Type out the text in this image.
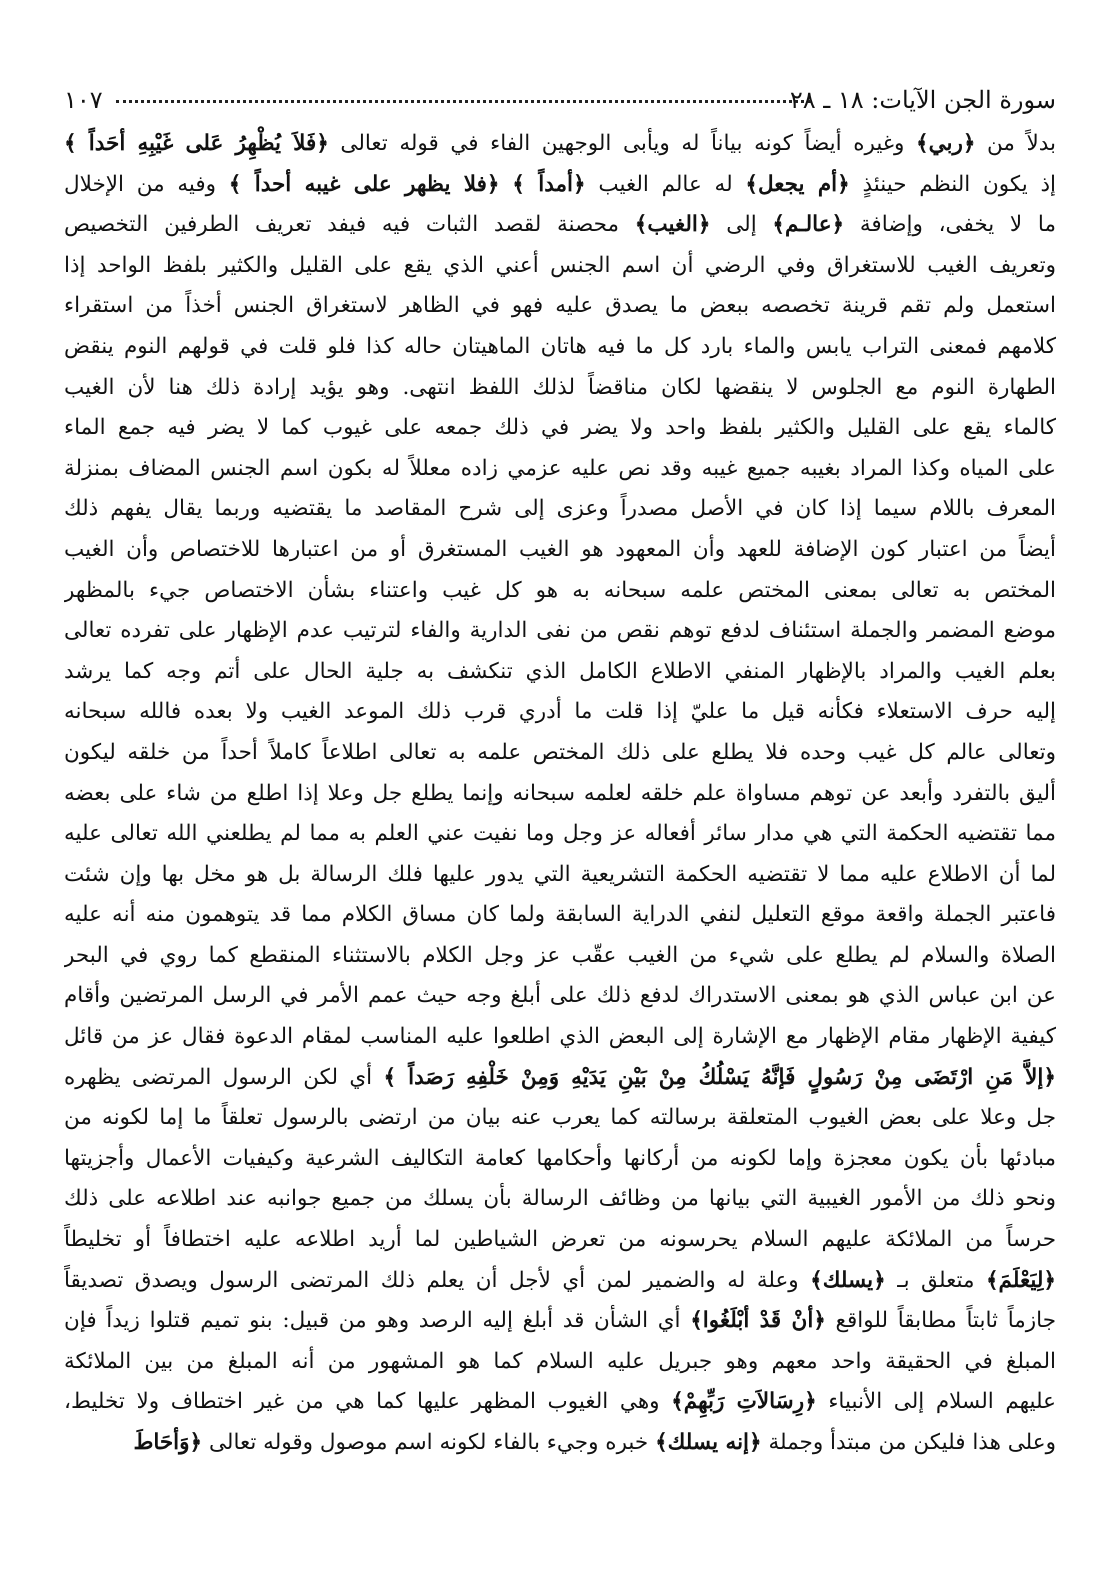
سورة الجن الآيات: ١٨ ـ ٢٨
١٠٧
بدلاً من ﴿ربي﴾ وغيره أيضاً كونه بياناً له ويأبى الوجهين الفاء في قوله تعالى ﴿فَلاَ يُظْهِرُ عَلى غَيْبِهِ أحَداً ﴾
إذ يكون النظم حينئذٍ ﴿أم يجعل﴾ له عالم الغيب ﴿أمداً ﴾ ﴿فلا يظهر على غيبه أحداً ﴾ وفيه من الإخلال
ما لا يخفى، وإضافة ﴿عالـم﴾ إلى ﴿الغيب﴾ محصنة لقصد الثبات فيه فيفد تعريف الطرفين التخصيص
وتعريف الغيب للاستغراق وفي الرضي أن اسم الجنس أعني الذي يقع على القليل والكثير بلفظ الواحد إذا
استعمل ولم تقم قرينة تخصصه ببعض ما يصدق عليه فهو في الظاهر لاستغراق الجنس أخذاً من استقراء
كلامهم فمعنى التراب يابس والماء بارد كل ما فيه هاتان الماهيتان حاله كذا فلو قلت في قولهم النوم ينقض
الطهارة النوم مع الجلوس لا ينقضها لكان مناقضاً لذلك اللفظ انتهى. وهو يؤيد إرادة ذلك هنا لأن الغيب
كالماء يقع على القليل والكثير بلفظ واحد ولا يضر في ذلك جمعه على غيوب كما لا يضر فيه جمع الماء
على المياه وكذا المراد بغيبه جميع غيبه وقد نص عليه عزمي زاده معللاً له بكون اسم الجنس المضاف بمنزلة
المعرف باللام سيما إذا كان في الأصل مصدراً وعزى إلى شرح المقاصد ما يقتضيه وربما يقال يفهم ذلك
أيضاً من اعتبار كون الإضافة للعهد وأن المعهود هو الغيب المستغرق أو من اعتبارها للاختصاص وأن الغيب
المختص به تعالى بمعنى المختص علمه سبحانه به هو كل غيب واعتناء بشأن الاختصاص جيء بالمظهر
موضع المضمر والجملة استئناف لدفع توهم نقص من نفى الدارية والفاء لترتيب عدم الإظهار على تفرده تعالى
بعلم الغيب والمراد بالإظهار المنفي الاطلاع الكامل الذي تنكشف به جلية الحال على أتم وجه كما يرشد
إليه حرف الاستعلاء فكأنه قيل ما عليّ إذا قلت ما أدري قرب ذلك الموعد الغيب ولا بعده فالله سبحانه
وتعالى عالم كل غيب وحده فلا يطلع على ذلك المختص علمه به تعالى اطلاعاً كاملاً أحداً من خلقه ليكون
أليق بالتفرد وأبعد عن توهم مساواة علم خلقه لعلمه سبحانه وإنما يطلع جل وعلا إذا اطلع من شاء على بعضه
مما تقتضيه الحكمة التي هي مدار سائر أفعاله عز وجل وما نفيت عني العلم به مما لم يطلعني الله تعالى عليه
لما أن الاطلاع عليه مما لا تقتضيه الحكمة التشريعية التي يدور عليها فلك الرسالة بل هو مخل بها وإن شئت
فاعتبر الجملة واقعة موقع التعليل لنفي الدراية السابقة ولما كان مساق الكلام مما قد يتوهمون منه أنه عليه
الصلاة والسلام لم يطلع على شيء من الغيب عقّب عز وجل الكلام بالاستثناء المنقطع كما روي في البحر
عن ابن عباس الذي هو بمعنى الاستدراك لدفع ذلك على أبلغ وجه حيث عمم الأمر في الرسل المرتضين وأقام
كيفية الإظهار مقام الإظهار مع الإشارة إلى البعض الذي اطلعوا عليه المناسب لمقام الدعوة فقال عز من قائل
﴿إلاَّ مَنِ ارْتَضَى مِنْ رَسُولٍ فَإنَّهُ يَسْلُكُ مِنْ بَيْنِ يَدَيْهِ وَمِنْ خَلْفِهِ رَصَداً ﴾ أي لكن الرسول المرتضى يظهره
جل وعلا على بعض الغيوب المتعلقة برسالته كما يعرب عنه بيان من ارتضى بالرسول تعلقاً ما إما لكونه من
مبادئها بأن يكون معجزة وإما لكونه من أركانها وأحكامها كعامة التكاليف الشرعية وكيفيات الأعمال وأجزيتها
ونحو ذلك من الأمور الغيبية التي بيانها من وظائف الرسالة بأن يسلك من جميع جوانبه عند اطلاعه على ذلك
حرساً من الملائكة عليهم السلام يحرسونه من تعرض الشياطين لما أريد اطلاعه عليه اختطافاً أو تخليطاً
﴿لِيَعْلَمَ﴾ متعلق بـ ﴿يسلك﴾ وعلة له والضمير لمن أي لأجل أن يعلم ذلك المرتضى الرسول ويصدق تصديقاً
جازماً ثابتاً مطابقاً للواقع ﴿أنْ قَدْ أبْلَغُوا﴾ أي الشأن قد أبلغ إليه الرصد وهو من قبيل: بنو تميم قتلوا زيداً فإن
المبلغ في الحقيقة واحد معهم وهو جبريل عليه السلام كما هو المشهور من أنه المبلغ من بين الملائكة
عليهم السلام إلى الأنبياء ﴿رِسَالاَتِ رَبِّهِمْ﴾ وهي الغيوب المظهر عليها كما هي من غير اختطاف ولا تخليط،
وعلى هذا فليكن من مبتدأ وجملة ﴿إنه يسلك﴾ خبره وجيء بالفاء لكونه اسم موصول وقوله تعالى ﴿وَأحَاطَ
